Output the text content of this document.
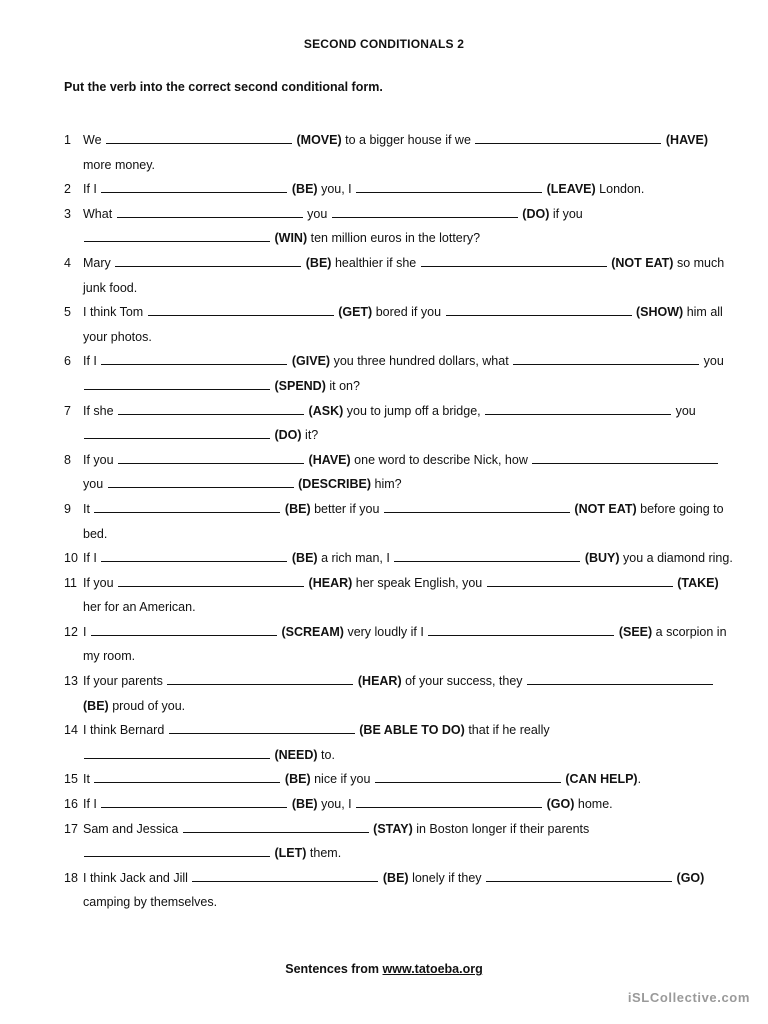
SECOND CONDITIONALS 2
Put the verb into the correct second conditional form.
1 We	(MOVE) to a bigger house if we	(HAVE)
more money.
2 If I	(BE) you, I	(LEAVE) London.
3 What	you	(DO) if you
(WIN) ten million euros in the lottery?
4 Mary	(BE) healthier if she	(NOT EAT) so much junk food.
5 I think Tom	(GET) bored if you	(SHOW) him all your photos.
6 If I	(GIVE) you three hundred dollars, what	you
(SPEND) it on?
7 If she	(ASK) you to jump off a bridge,	you
(DO) it?
8 If you	(HAVE) one word to describe Nick, how
you	(DESCRIBE) him?
9 It	(BE) better if you	(NOT EAT) before going to bed.
10 If I	(BE) a rich man, I	(BUY) you a diamond ring.
11 If you	(HEAR) her speak English, you	(TAKE) her for an American.
12 I	(SCREAM) very loudly if I	(SEE) a scorpion in my room.
13 If your parents	(HEAR) of your success, they
(BE) proud of you.
14 I think Bernard	(BE ABLE TO DO) that if he really
(NEED) to.
15 It	(BE) nice if you	(CAN HELP).
16 If I	(BE) you, I	(GO) home.
17 Sam and Jessica	(STAY) in Boston longer if their parents
(LET) them.
18 I think Jack and Jill	(BE) lonely if they	(GO)
camping by themselves.
Sentences from www.tatoeba.org
iSLCollective.com
